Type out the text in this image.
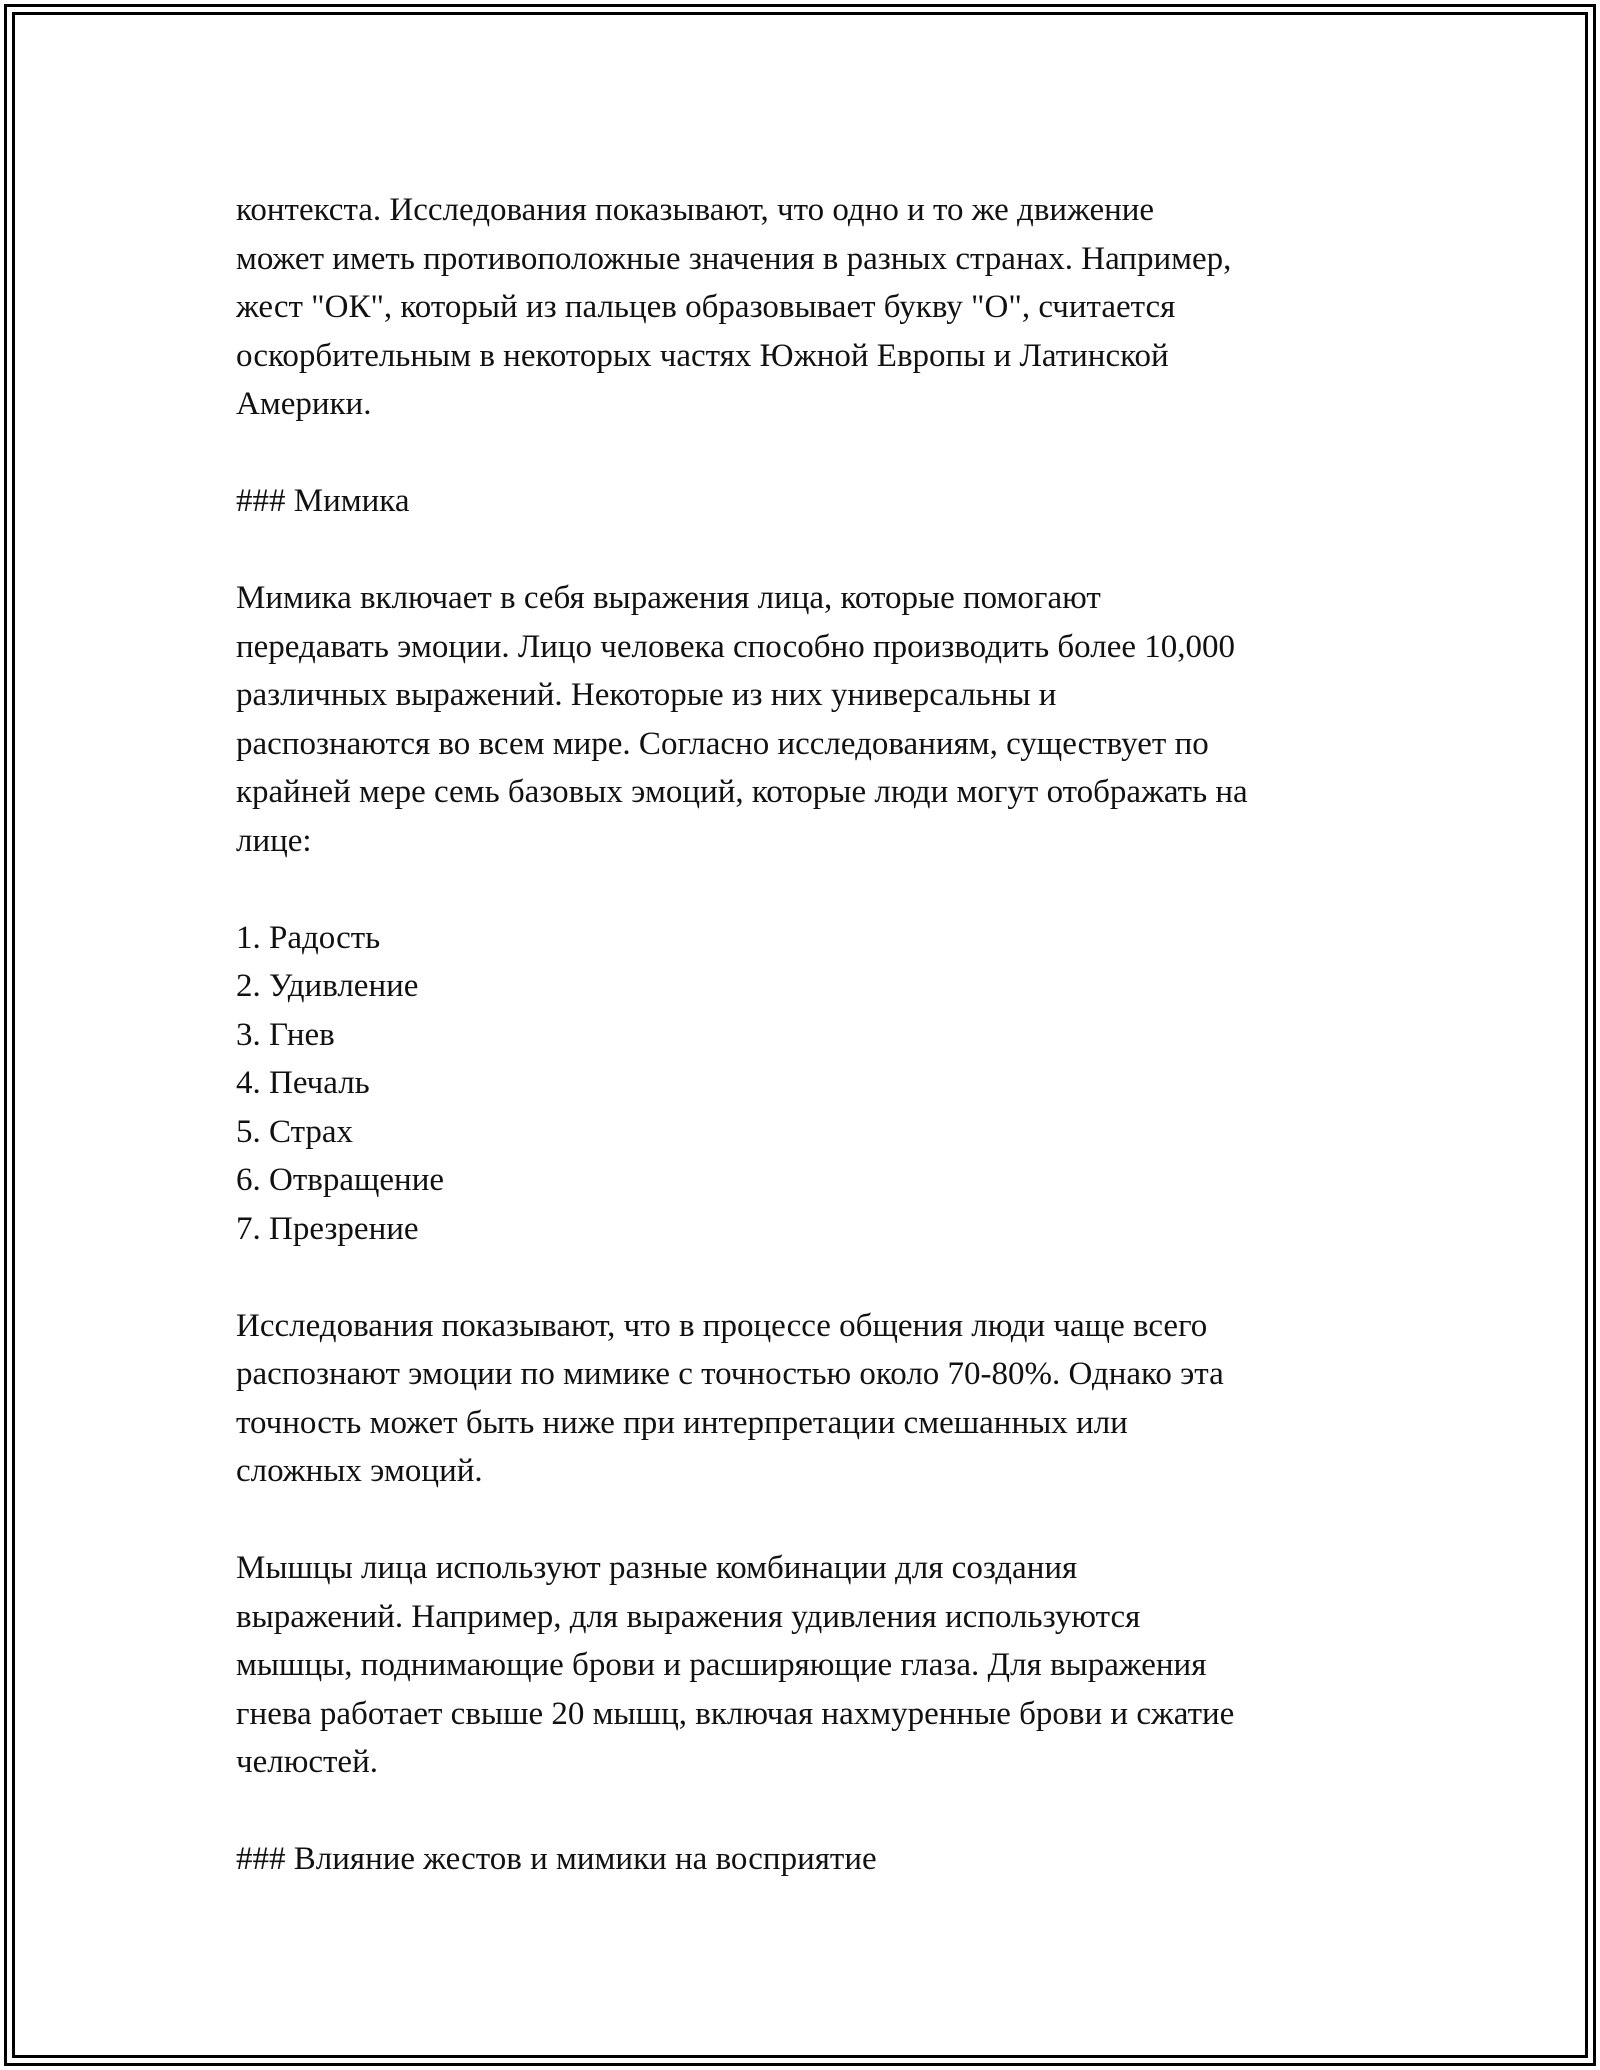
контекста. Исследования показывают, что одно и то же движение
может иметь противоположные значения в разных странах. Например,
жест "ОК", который из пальцев образовывает букву "О", считается
оскорбительным в некоторых частях Южной Европы и Латинской
Америки.
### Мимика
Мимика включает в себя выражения лица, которые помогают
передавать эмоции. Лицо человека способно производить более 10,000
различных выражений. Некоторые из них универсальны и
распознаются во всем мире. Согласно исследованиям, существует по
крайней мере семь базовых эмоций, которые люди могут отображать на
лице:
1. Радость
2. Удивление
3. Гнев
4. Печаль
5. Страх
6. Отвращение
7. Презрение
Исследования показывают, что в процессе общения люди чаще всего
распознают эмоции по мимике с точностью около 70-80%. Однако эта
точность может быть ниже при интерпретации смешанных или
сложных эмоций.
Мышцы лица используют разные комбинации для создания
выражений. Например, для выражения удивления используются
мышцы, поднимающие брови и расширяющие глаза. Для выражения
гнева работает свыше 20 мышц, включая нахмуренные брови и сжатие
челюстей.
### Влияние жестов и мимики на восприятие
